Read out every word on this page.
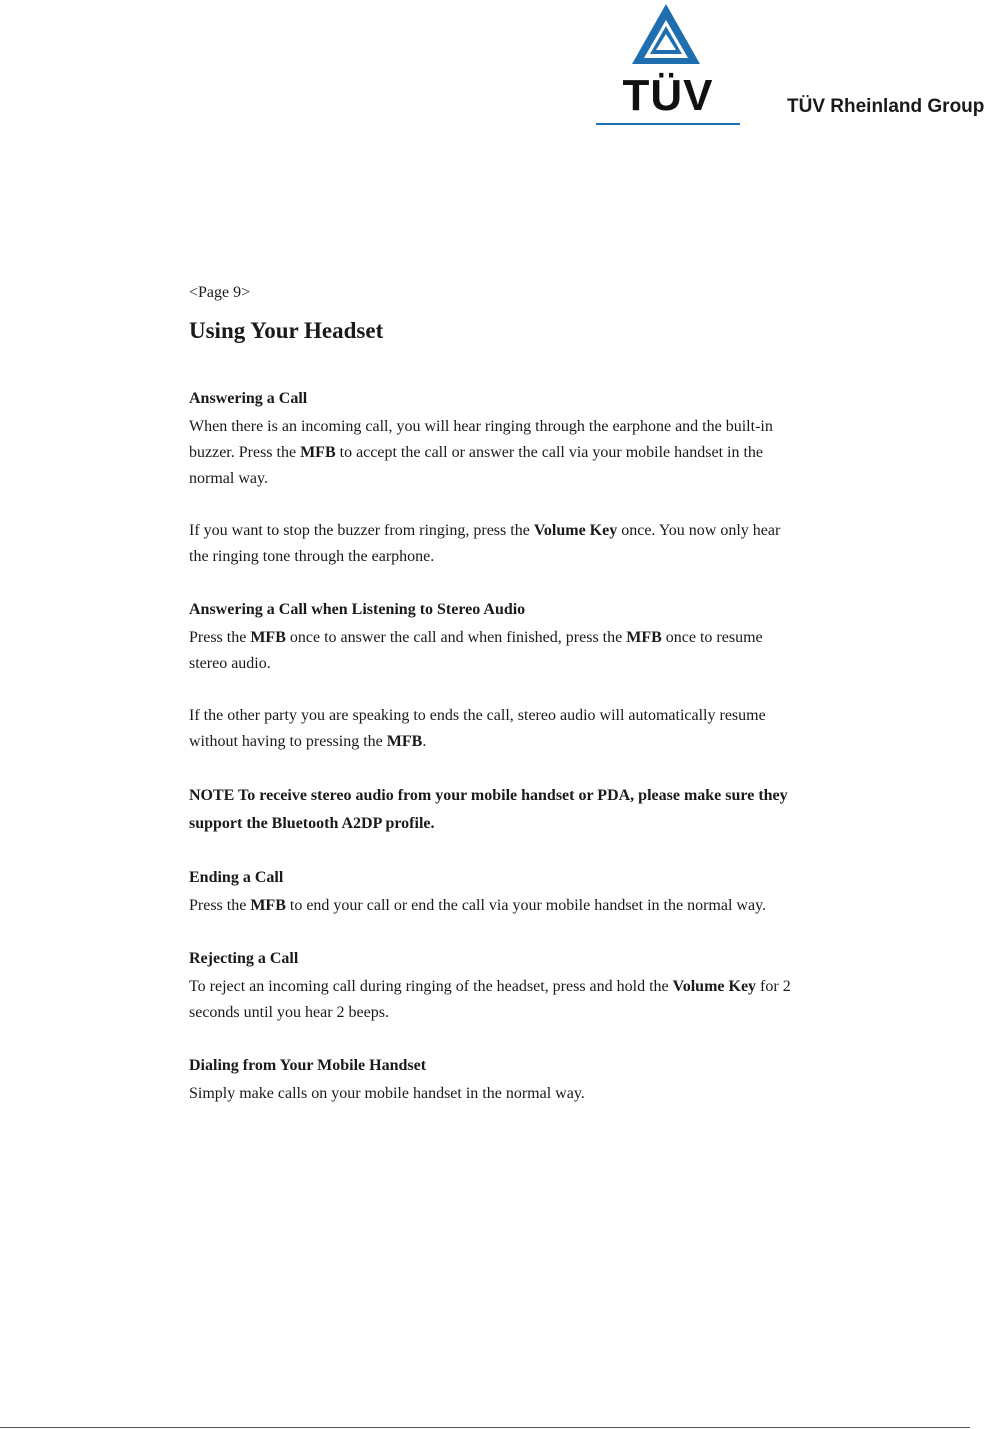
TÜV	TÜV Rheinland Group

<Page 9>

Using Your Headset
Answering a Call

When there is an incoming call, you will hear ringing through the earphone and the built-in buzzer. Press the MFB to accept the call or answer the call via your mobile handset in the normal way.

If you want to stop the buzzer from ringing, press the Volume Key once. You now only hear the ringing tone through the earphone.

Answering a Call when Listening to Stereo Audio

Press the MFB once to answer the call and when finished, press the MFB once to resume stereo audio.

If the other party you are speaking to ends the call, stereo audio will automatically resume without having to pressing the MFB.

NOTE To receive stereo audio from your mobile handset or PDA, please make sure they support the Bluetooth A2DP profile.

Ending a Call

Press the MFB to end your call or end the call via your mobile handset in the normal way.

Rejecting a Call

To reject an incoming call during ringing of the headset, press and hold the Volume Key for 2 seconds until you hear 2 beeps.

Dialing from Your Mobile Handset

Simply make calls on your mobile handset in the normal way.
